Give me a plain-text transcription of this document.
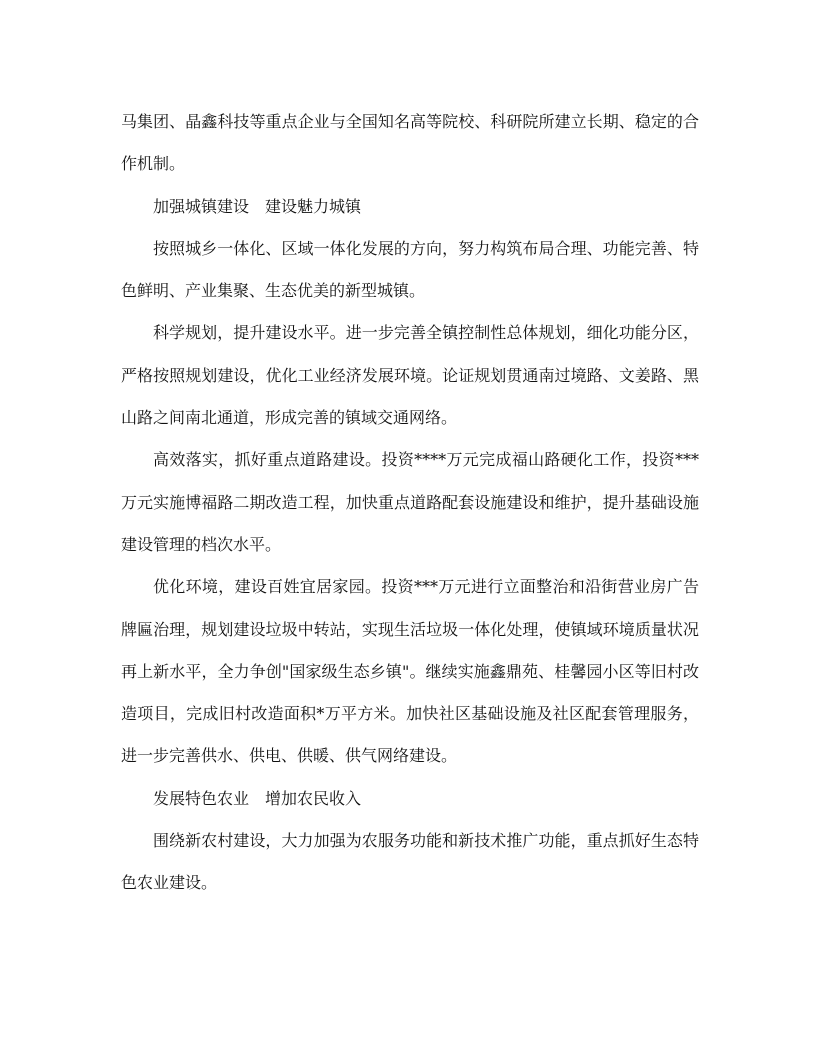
马集团、晶鑫科技等重点企业与全国知名高等院校、科研院所建立长期、稳定的合作机制。

加强城镇建设　建设魅力城镇

按照城乡一体化、区域一体化发展的方向，努力构筑布局合理、功能完善、特色鲜明、产业集聚、生态优美的新型城镇。

科学规划，提升建设水平。进一步完善全镇控制性总体规划，细化功能分区，严格按照规划建设，优化工业经济发展环境。论证规划贯通南过境路、文姜路、黑山路之间南北通道，形成完善的镇域交通网络。

高效落实，抓好重点道路建设。投资****万元完成福山路硬化工作，投资***万元实施博福路二期改造工程，加快重点道路配套设施建设和维护，提升基础设施建设管理的档次水平。

优化环境，建设百姓宜居家园。投资***万元进行立面整治和沿街营业房广告牌匾治理，规划建设垃圾中转站，实现生活垃圾一体化处理，使镇域环境质量状况再上新水平，全力争创"国家级生态乡镇"。继续实施鑫鼎苑、桂馨园小区等旧村改造项目，完成旧村改造面积*万平方米。加快社区基础设施及社区配套管理服务，进一步完善供水、供电、供暖、供气网络建设。

发展特色农业　增加农民收入

围绕新农村建设，大力加强为农服务功能和新技术推广功能，重点抓好生态特色农业建设。
